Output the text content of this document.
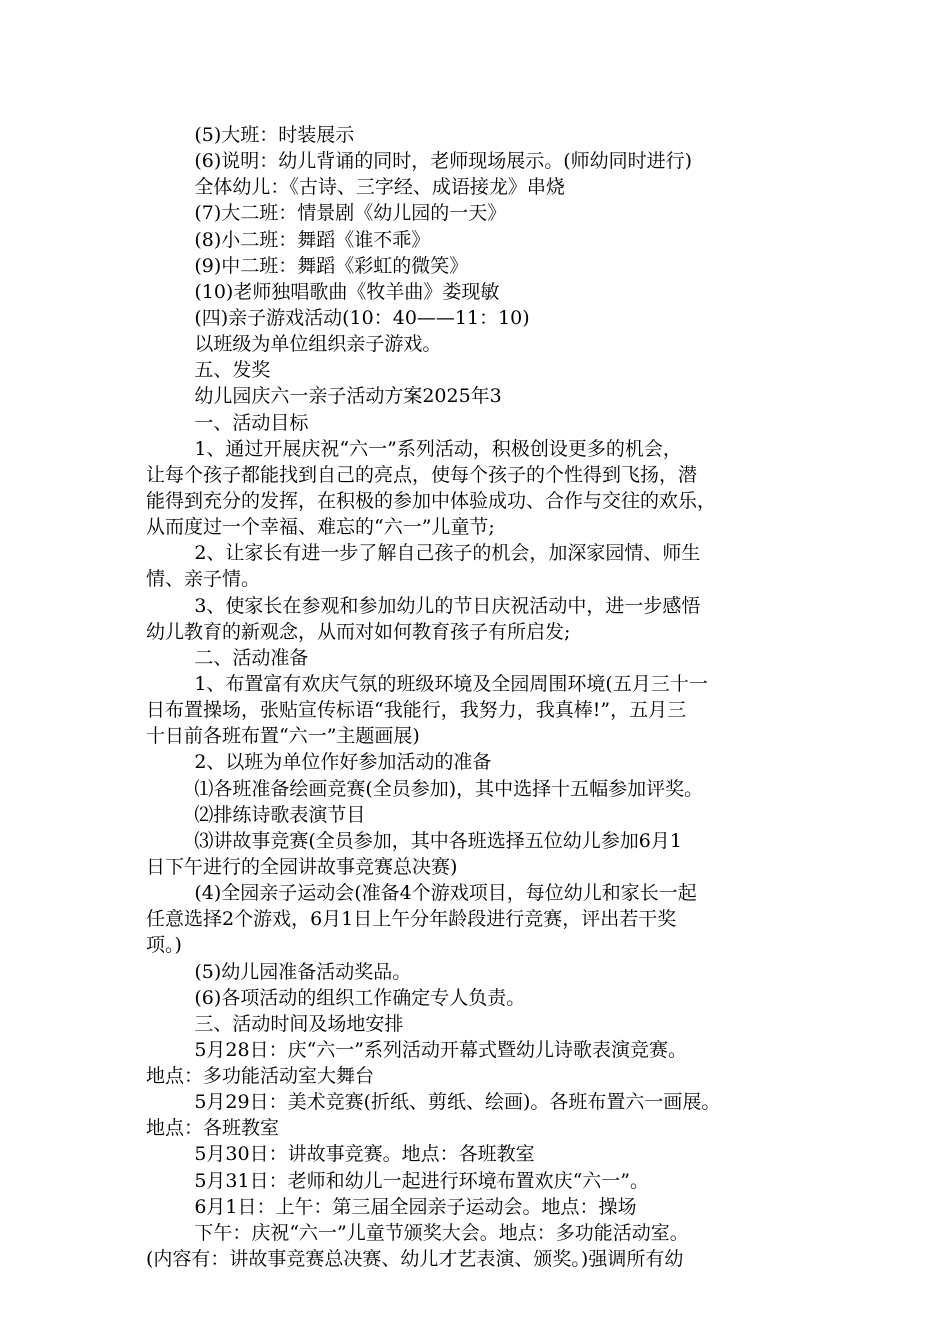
(5)大班：时装展示
(6)说明：幼儿背诵的同时，老师现场展示。(师幼同时进行)
全体幼儿：《古诗、三字经、成语接龙》串烧
(7)大二班：情景剧《幼儿园的一天》
(8)小二班：舞蹈《谁不乖》
(9)中二班：舞蹈《彩虹的微笑》
(10)老师独唱歌曲《牧羊曲》娄现敏
(四)亲子游戏活动(10：40——11：10)
以班级为单位组织亲子游戏。
五、发奖
幼儿园庆六一亲子活动方案2025年3
一、活动目标
1、通过开展庆祝“六一”系列活动，积极创设更多的机会，
让每个孩子都能找到自己的亮点，使每个孩子的个性得到飞扬，潜
能得到充分的发挥，在积极的参加中体验成功、合作与交往的欢乐，
从而度过一个幸福、难忘的“六一”儿童节;
2、让家长有进一步了解自己孩子的机会，加深家园情、师生
情、亲子情。
3、使家长在参观和参加幼儿的节日庆祝活动中，进一步感悟
幼儿教育的新观念，从而对如何教育孩子有所启发;
二、活动准备
1、布置富有欢庆气氛的班级环境及全园周围环境(五月三十一
日布置操场，张贴宣传标语“我能行，我努力，我真棒!”，五月三
十日前各班布置“六一”主题画展)
2、以班为单位作好参加活动的准备
⑴各班准备绘画竞赛(全员参加)，其中选择十五幅参加评奖。
⑵排练诗歌表演节目
⑶讲故事竞赛(全员参加，其中各班选择五位幼儿参加6月1
日下午进行的全园讲故事竞赛总决赛)
(4)全园亲子运动会(准备4个游戏项目，每位幼儿和家长一起
任意选择2个游戏，6月1日上午分年龄段进行竞赛，评出若干奖
项。)
(5)幼儿园准备活动奖品。
(6)各项活动的组织工作确定专人负责。
三、活动时间及场地安排
5月28日：庆“六一”系列活动开幕式暨幼儿诗歌表演竞赛。
地点：多功能活动室大舞台
5月29日：美术竞赛(折纸、剪纸、绘画)。各班布置六一画展。
地点：各班教室
5月30日：讲故事竞赛。地点：各班教室
5月31日：老师和幼儿一起进行环境布置欢庆“六一”。
6月1日：上午：第三届全园亲子运动会。地点：操场
下午：庆祝“六一”儿童节颁奖大会。地点：多功能活动室。
(内容有：讲故事竞赛总决赛、幼儿才艺表演、颁奖。)强调所有幼
